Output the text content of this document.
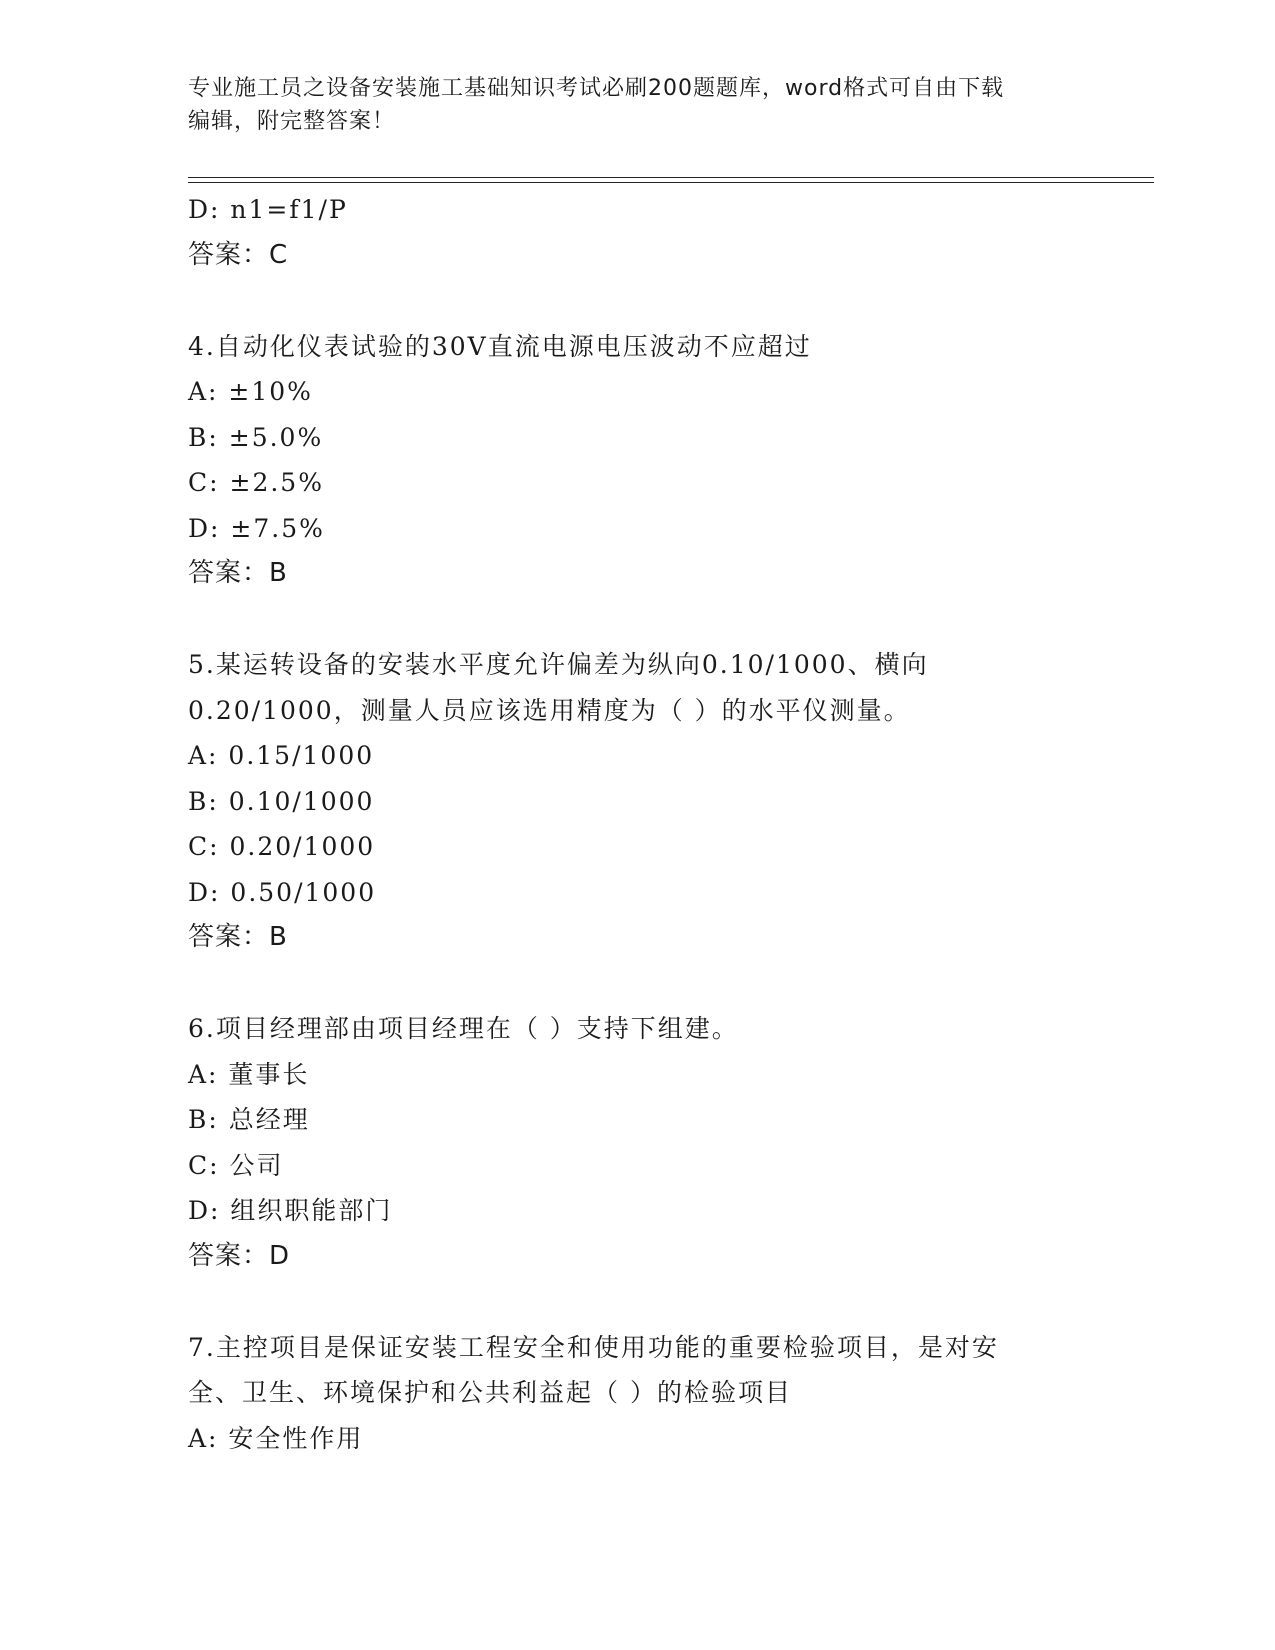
专业施工员之设备安装施工基础知识考试必刷200题题库，word格式可自由下载
编辑，附完整答案！
D: n1=f1/P
答案：C
4.自动化仪表试验的30V直流电源电压波动不应超过
A: ±10%
B: ±5.0%
C: ±2.5%
D: ±7.5%
答案：B
5.某运转设备的安装水平度允许偏差为纵向0.10/1000、横向
0.20/1000，测量人员应该选用精度为（ ）的水平仪测量。
A: 0.15/1000
B: 0.10/1000
C: 0.20/1000
D: 0.50/1000
答案：B
6.项目经理部由项目经理在（ ）支持下组建。
A: 董事长
B: 总经理
C: 公司
D: 组织职能部门
答案：D
7.主控项目是保证安装工程安全和使用功能的重要检验项目，是对安
全、卫生、环境保护和公共利益起（ ）的检验项目
A: 安全性作用
